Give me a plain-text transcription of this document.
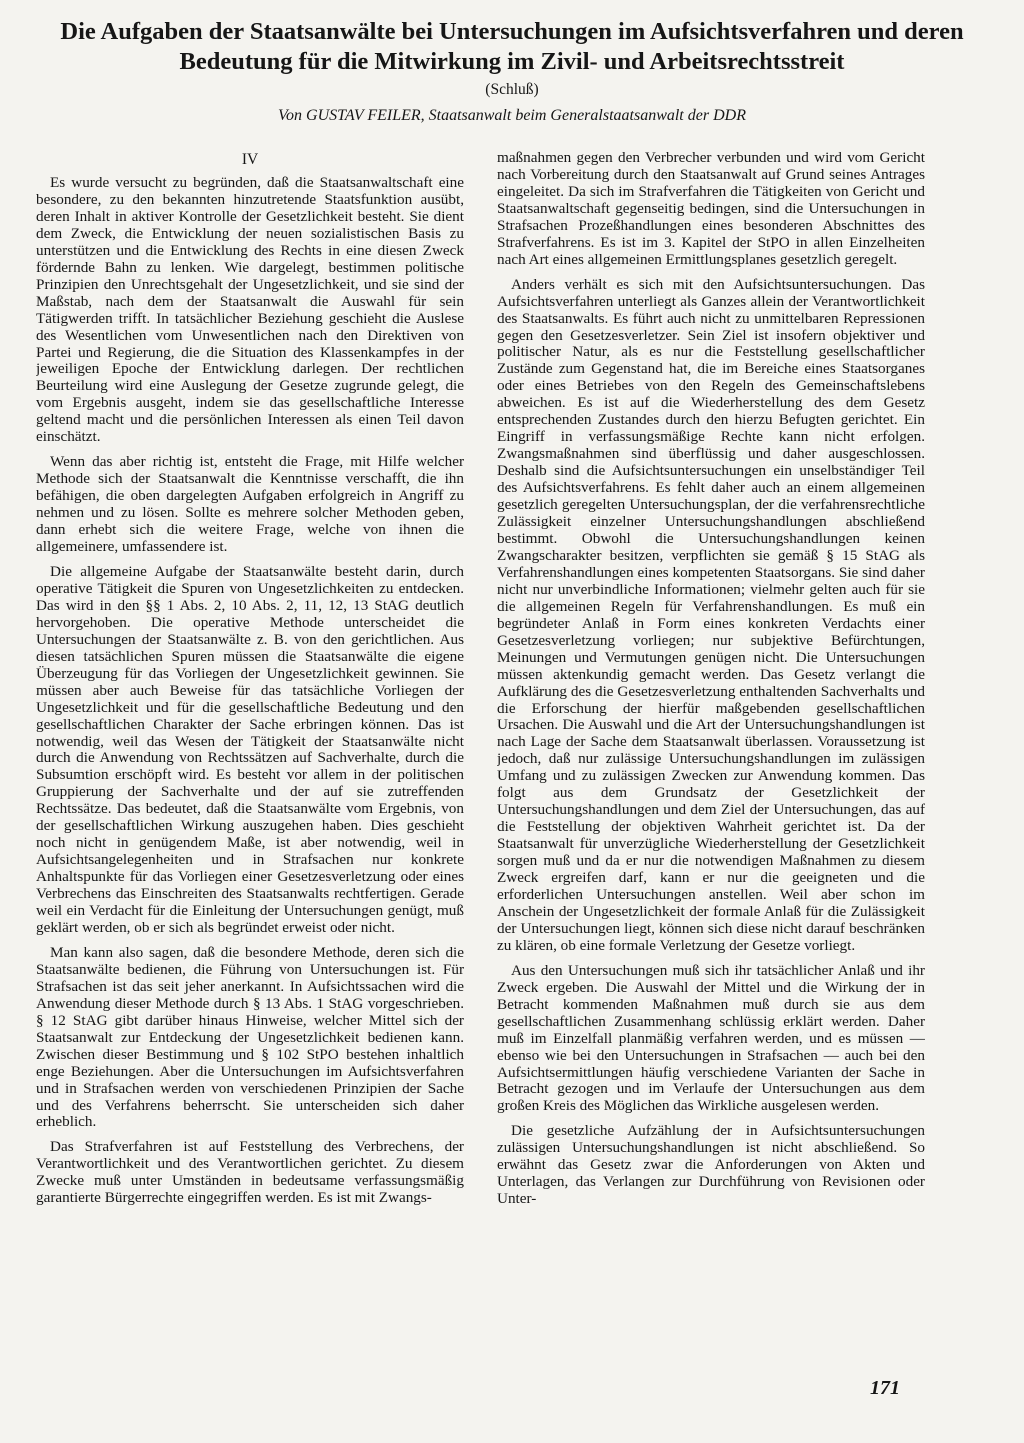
Die Aufgaben der Staatsanwälte bei Untersuchungen im Aufsichtsverfahren und deren Bedeutung für die Mitwirkung im Zivil- und Arbeitsrechtsstreit
(Schluß)
Von GUSTAV FEILER, Staatsanwalt beim Generalstaatsanwalt der DDR
IV

Es wurde versucht zu begründen, daß die Staatsanwaltschaft eine besondere, zu den bekannten hinzutretende Staatsfunktion ausübt, deren Inhalt in aktiver Kontrolle der Gesetzlichkeit besteht. Sie dient dem Zweck, die Entwicklung der neuen sozialistischen Basis zu unterstützen und die Entwicklung des Rechts in eine diesen Zweck fördernde Bahn zu lenken. Wie dargelegt, bestimmen politische Prinzipien den Unrechtsgehalt der Ungesetzlichkeit, und sie sind der Maßstab, nach dem der Staatsanwalt die Auswahl für sein Tätigwerden trifft. In tatsächlicher Beziehung geschieht die Auslese des Wesentlichen vom Unwesentlichen nach den Direktiven von Partei und Regierung, die die Situation des Klassenkampfes in der jeweiligen Epoche der Entwicklung darlegen. Der rechtlichen Beurteilung wird eine Auslegung der Gesetze zugrunde gelegt, die vom Ergebnis ausgeht, indem sie das gesellschaftliche Interesse geltend macht und die persönlichen Interessen als einen Teil davon einschätzt.

Wenn das aber richtig ist, entsteht die Frage, mit Hilfe welcher Methode sich der Staatsanwalt die Kenntnisse verschafft, die ihn befähigen, die oben dargelegten Aufgaben erfolgreich in Angriff zu nehmen und zu lösen. Sollte es mehrere solcher Methoden geben, dann erhebt sich die weitere Frage, welche von ihnen die allgemeinere, umfassendere ist.

Die allgemeine Aufgabe der Staatsanwälte besteht darin, durch operative Tätigkeit die Spuren von Ungesetzlichkeiten zu entdecken. Das wird in den §§ 1 Abs. 2, 10 Abs. 2, 11, 12, 13 StAG deutlich hervorgehoben. Die operative Methode unterscheidet die Untersuchungen der Staatsanwälte z. B. von den gerichtlichen. Aus diesen tatsächlichen Spuren müssen die Staatsanwälte die eigene Überzeugung für das Vorliegen der Ungesetzlichkeit gewinnen. Sie müssen aber auch Beweise für das tatsächliche Vorliegen der Ungesetzlichkeit und für die gesellschaftliche Bedeutung und den gesellschaftlichen Charakter der Sache erbringen können. Das ist notwendig, weil das Wesen der Tätigkeit der Staatsanwälte nicht durch die Anwendung von Rechtssätzen auf Sachverhalte, durch die Subsumtion erschöpft wird. Es besteht vor allem in der politischen Gruppierung der Sachverhalte und der auf sie zutreffenden Rechtssätze. Das bedeutet, daß die Staatsanwälte vom Ergebnis, von der gesellschaftlichen Wirkung auszugehen haben. Dies geschieht noch nicht in genügendem Maße, ist aber notwendig, weil in Aufsichtsangelegenheiten und in Strafsachen nur konkrete Anhaltspunkte für das Vorliegen einer Gesetzesverletzung oder eines Verbrechens das Einschreiten des Staatsanwalts rechtfertigen. Gerade weil ein Verdacht für die Einleitung der Untersuchungen genügt, muß geklärt werden, ob er sich als begründet erweist oder nicht.

Man kann also sagen, daß die besondere Methode, deren sich die Staatsanwälte bedienen, die Führung von Untersuchungen ist. Für Strafsachen ist das seit jeher anerkannt. In Aufsichtssachen wird die Anwendung dieser Methode durch § 13 Abs. 1 StAG vorgeschrieben. § 12 StAG gibt darüber hinaus Hinweise, welcher Mittel sich der Staatsanwalt zur Entdeckung der Ungesetzlichkeit bedienen kann. Zwischen dieser Bestimmung und § 102 StPO bestehen inhaltlich enge Beziehungen. Aber die Untersuchungen im Aufsichtsverfahren und in Strafsachen werden von verschiedenen Prinzipien der Sache und des Verfahrens beherrscht. Sie unterscheiden sich daher erheblich.

Das Strafverfahren ist auf Feststellung des Verbrechens, der Verantwortlichkeit und des Verantwortlichen gerichtet. Zu diesem Zwecke muß unter Umständen in bedeutsame verfassungsmäßig garantierte Bürgerrechte eingegriffen werden. Es ist mit Zwangs-

maßnahmen gegen den Verbrecher verbunden und wird vom Gericht nach Vorbereitung durch den Staatsanwalt auf Grund seines Antrages eingeleitet. Da sich im Strafverfahren die Tätigkeiten von Gericht und Staatsanwaltschaft gegenseitig bedingen, sind die Untersuchungen in Strafsachen Prozeßhandlungen eines besonderen Abschnittes des Strafverfahrens. Es ist im 3. Kapitel der StPO in allen Einzelheiten nach Art eines allgemeinen Ermittlungsplanes gesetzlich geregelt.

Anders verhält es sich mit den Aufsichtsuntersuchungen. Das Aufsichtsverfahren unterliegt als Ganzes allein der Verantwortlichkeit des Staatsanwalts. Es führt auch nicht zu unmittelbaren Repressionen gegen den Gesetzesverletzer. Sein Ziel ist insofern objektiver und politischer Natur, als es nur die Feststellung gesellschaftlicher Zustände zum Gegenstand hat, die im Bereiche eines Staatsorganes oder eines Betriebes von den Regeln des Gemeinschaftslebens abweichen. Es ist auf die Wiederherstellung des dem Gesetz entsprechenden Zustandes durch den hierzu Befugten gerichtet. Ein Eingriff in verfassungsmäßige Rechte kann nicht erfolgen. Zwangsmaßnahmen sind überflüssig und daher ausgeschlossen. Deshalb sind die Aufsichtsuntersuchungen ein unselbständiger Teil des Aufsichtsverfahrens. Es fehlt daher auch an einem allgemeinen gesetzlich geregelten Untersuchungsplan, der die verfahrensrechtliche Zulässigkeit einzelner Untersuchungshandlungen abschließend bestimmt. Obwohl die Untersuchungshandlungen keinen Zwangscharakter besitzen, verpflichten sie gemäß § 15 StAG als Verfahrenshandlungen eines kompetenten Staatsorgans. Sie sind daher nicht nur unverbindliche Informationen; vielmehr gelten auch für sie die allgemeinen Regeln für Verfahrenshandlungen. Es muß ein begründeter Anlaß in Form eines konkreten Verdachts einer Gesetzesverletzung vorliegen; nur subjektive Befürchtungen, Meinungen und Vermutungen genügen nicht. Die Untersuchungen müssen aktenkundig gemacht werden. Das Gesetz verlangt die Aufklärung des die Gesetzesverletzung enthaltenden Sachverhalts und die Erforschung der hierfür maßgebenden gesellschaftlichen Ursachen. Die Auswahl und die Art der Untersuchungshandlungen ist nach Lage der Sache dem Staatsanwalt überlassen. Voraussetzung ist jedoch, daß nur zulässige Untersuchungshandlungen im zulässigen Umfang und zu zulässigen Zwecken zur Anwendung kommen. Das folgt aus dem Grundsatz der Gesetzlichkeit der Untersuchungshandlungen und dem Ziel der Untersuchungen, das auf die Feststellung der objektiven Wahrheit gerichtet ist. Da der Staatsanwalt für unverzügliche Wiederherstellung der Gesetzlichkeit sorgen muß und da er nur die notwendigen Maßnahmen zu diesem Zweck ergreifen darf, kann er nur die geeigneten und die erforderlichen Untersuchungen anstellen. Weil aber schon im Anschein der Ungesetzlichkeit der formale Anlaß für die Zulässigkeit der Untersuchungen liegt, können sich diese nicht darauf beschränken zu klären, ob eine formale Verletzung der Gesetze vorliegt.

Aus den Untersuchungen muß sich ihr tatsächlicher Anlaß und ihr Zweck ergeben. Die Auswahl der Mittel und die Wirkung der in Betracht kommenden Maßnahmen muß durch sie aus dem gesellschaftlichen Zusammenhang schlüssig erklärt werden. Daher muß im Einzelfall planmäßig verfahren werden, und es müssen — ebenso wie bei den Untersuchungen in Strafsachen — auch bei den Aufsichtsermittlungen häufig verschiedene Varianten der Sache in Betracht gezogen und im Verlaufe der Untersuchungen aus dem großen Kreis des Möglichen das Wirkliche ausgelesen werden.

Die gesetzliche Aufzählung der in Aufsichtsuntersuchungen zulässigen Untersuchungshandlungen ist nicht abschließend. So erwähnt das Gesetz zwar die Anforderungen von Akten und Unterlagen, das Verlangen zur Durchführung von Revisionen oder Unter-

171
